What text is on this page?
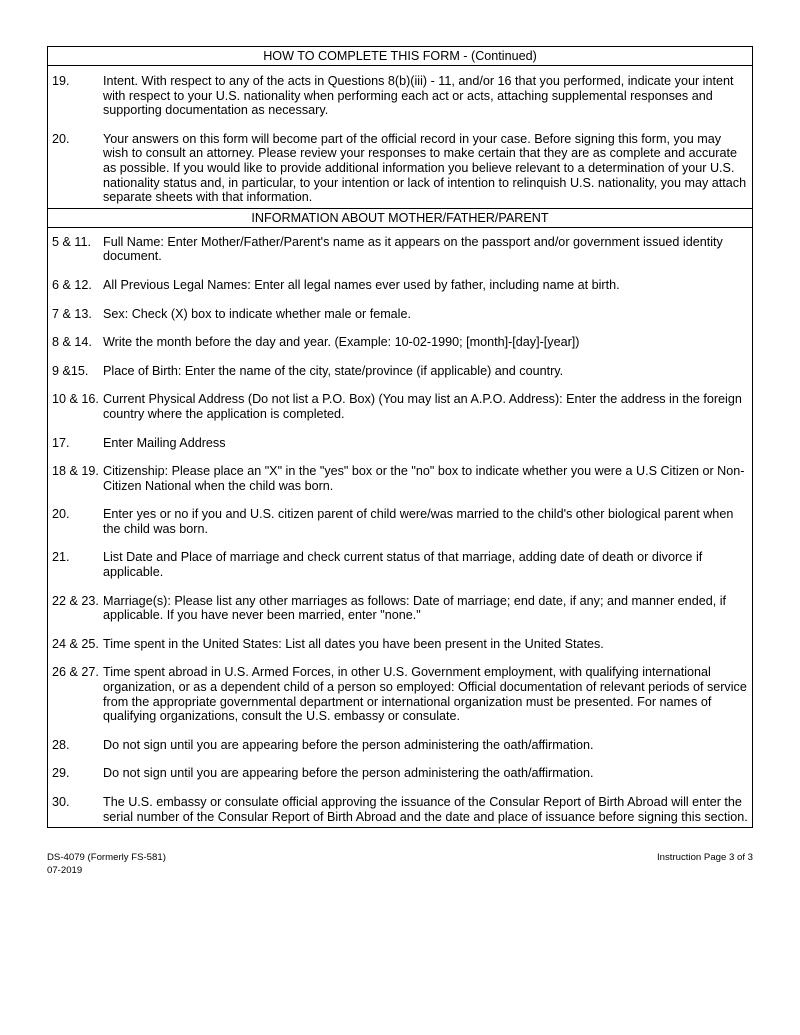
HOW TO COMPLETE THIS FORM - (Continued)
19.	Intent. With respect to any of the acts in Questions 8(b)(iii) - 11, and/or 16 that you performed, indicate your intent with respect to your U.S. nationality when performing each act or acts, attaching supplemental responses and supporting documentation as necessary.
20.	Your answers on this form will become part of the official record in your case. Before signing this form, you may wish to consult an attorney. Please review your responses to make certain that they are as complete and accurate as possible. If you would like to provide additional information you believe relevant to a determination of your U.S. nationality status and, in particular, to your intention or lack of intention to relinquish U.S. nationality, you may attach separate sheets with that information.
INFORMATION ABOUT MOTHER/FATHER/PARENT
5 & 11. Full Name: Enter Mother/Father/Parent's name as it appears on the passport and/or government issued identity document.
6 & 12. All Previous Legal Names: Enter all legal names ever used by father, including name at birth.
7 & 13. Sex: Check (X) box to indicate whether male or female.
8 & 14. Write the month before the day and year. (Example: 10-02-1990; [month]-[day]-[year])
9 &15.	Place of Birth: Enter the name of the city, state/province (if applicable) and country.
10 & 16. Current Physical Address (Do not list a P.O. Box) (You may list an A.P.O. Address): Enter the address in the foreign country where the application is completed.
17.	Enter Mailing Address
18 & 19. Citizenship: Please place an "X" in the "yes" box or the "no" box to indicate whether you were a U.S Citizen or Non-Citizen National when the child was born.
20.	Enter yes or no if you and U.S. citizen parent of child were/was married to the child's other biological parent when the child was born.
21.	List Date and Place of marriage and check current status of that marriage, adding date of death or divorce if applicable.
22 & 23. Marriage(s): Please list any other marriages as follows: Date of marriage; end date, if any; and manner ended, if applicable. If you have never been married, enter "none."
24 & 25. Time spent in the United States: List all dates you have been present in the United States.
26 & 27. Time spent abroad in U.S. Armed Forces, in other U.S. Government employment, with qualifying international organization, or as a dependent child of a person so employed: Official documentation of relevant periods of service from the appropriate governmental department or international organization must be presented. For names of qualifying organizations, consult the U.S. embassy or consulate.
28.	Do not sign until you are appearing before the person administering the oath/affirmation.
29.	Do not sign until you are appearing before the person administering the oath/affirmation.
30.	The U.S. embassy or consulate official approving the issuance of the Consular Report of Birth Abroad will enter the serial number of the Consular Report of Birth Abroad and the date and place of issuance before signing this section.
DS-4079 (Formerly FS-581)	Instruction Page 3 of 3
07-2019
